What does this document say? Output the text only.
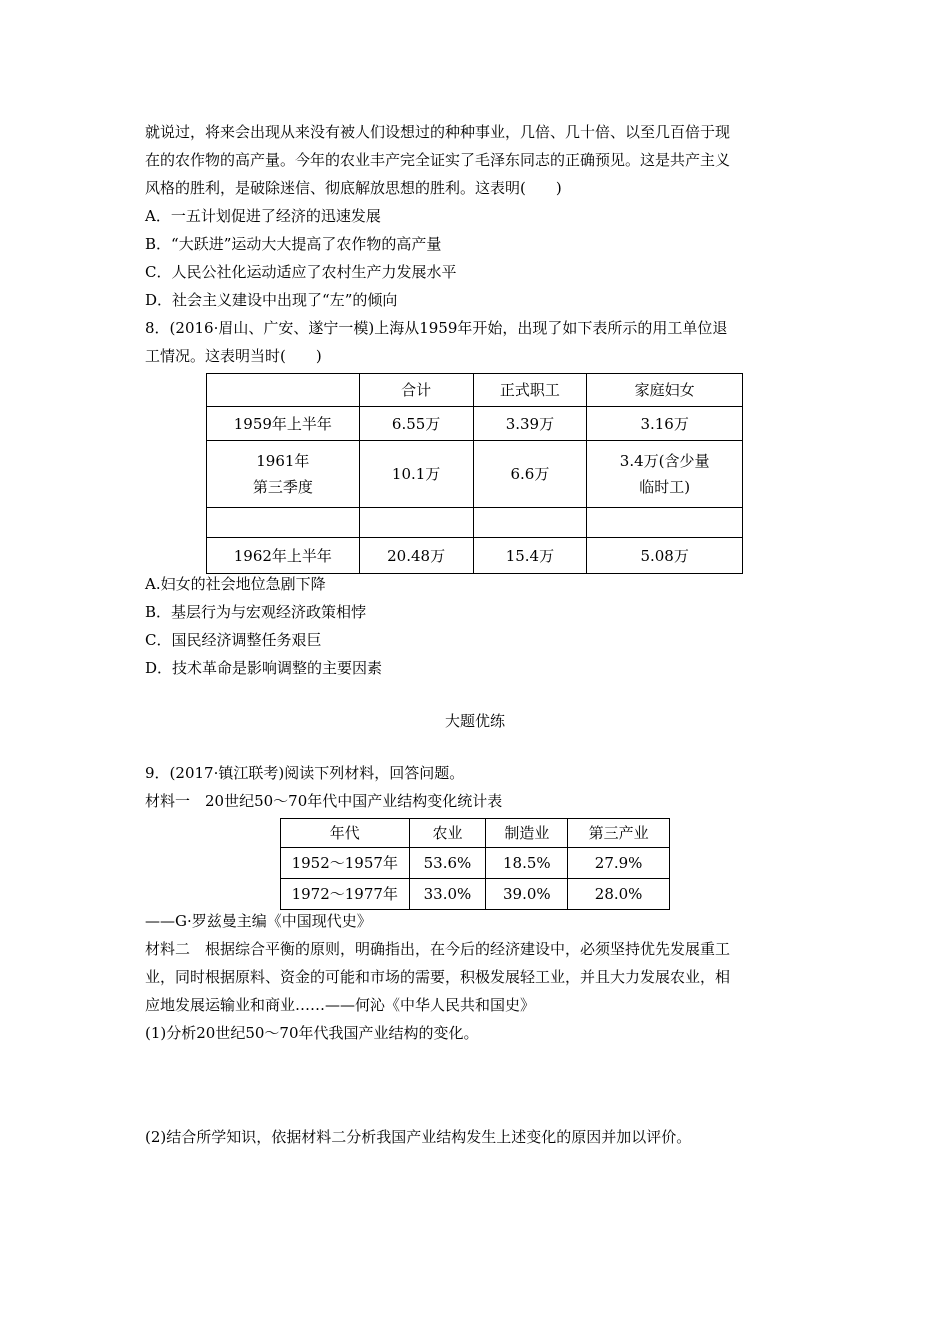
就说过，将来会出现从来没有被人们设想过的种种事业，几倍、几十倍、以至几百倍于现
在的农作物的高产量。今年的农业丰产完全证实了毛泽东同志的正确预见。这是共产主义
风格的胜利，是破除迷信、彻底解放思想的胜利。这表明(　　)
A．一五计划促进了经济的迅速发展
B．“大跃进”运动大大提高了农作物的高产量
C．人民公社化运动适应了农村生产力发展水平
D．社会主义建设中出现了“左”的倾向
8．(2016·眉山、广安、遂宁一模)上海从1959年开始，出现了如下表所示的用工单位退
工情况。这表明当时(　　)
	合计	正式职工	家庭妇女
1959年上半年	6.55万	3.39万	3.16万
1961年
第三季度	10.1万	6.6万	3.4万(含少量
临时工)

1962年上半年	20.48万	15.4万	5.08万
A.妇女的社会地位急剧下降
B．基层行为与宏观经济政策相悖
C．国民经济调整任务艰巨
D．技术革命是影响调整的主要因素
大题优练
9．(2017·镇江联考)阅读下列材料，回答问题。
材料一　20世纪50～70年代中国产业结构变化统计表
年代	农业	制造业	第三产业
1952～1957年	53.6%	18.5%	27.9%
1972～1977年	33.0%	39.0%	28.0%
——G·罗兹曼主编《中国现代史》
材料二　根据综合平衡的原则，明确指出，在今后的经济建设中，必须坚持优先发展重工
业，同时根据原料、资金的可能和市场的需要，积极发展轻工业，并且大力发展农业，相
应地发展运输业和商业……——何沁《中华人民共和国史》
(1)分析20世纪50～70年代我国产业结构的变化。
(2)结合所学知识，依据材料二分析我国产业结构发生上述变化的原因并加以评价。
